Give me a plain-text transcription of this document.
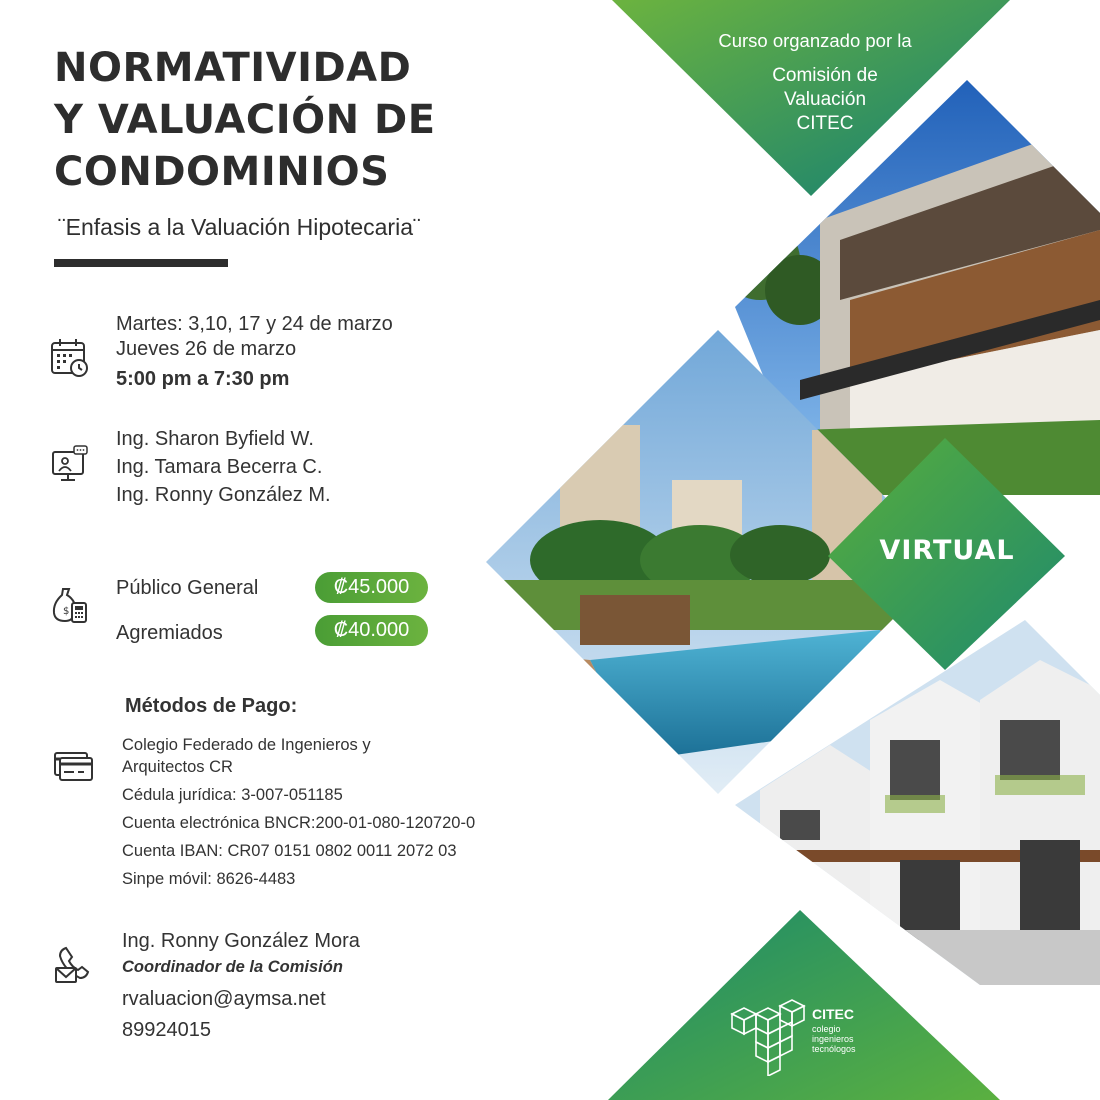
NORMATIVIDAD
Y VALUACIÓN DE
CONDOMINIOS
¨Enfasis a la Valuación Hipotecaria¨
Martes: 3,10, 17 y 24 de marzo
Jueves 26 de marzo
5:00 pm a 7:30 pm
Ing. Sharon Byfield W.
Ing. Tamara Becerra C.
Ing. Ronny González M.
$
Público General	₡45.000
Agremiados	₡40.000
Métodos de Pago:
Colegio Federado de Ingenieros y
Arquitectos CR
Cédula jurídica: 3-007-051185
Cuenta electrónica BNCR:200-01-080-120720-0
Cuenta IBAN: CR07 0151 0802 0011 2072 03
Sinpe móvil: 8626-4483
Ing. Ronny González Mora
Coordinador de la Comisión
rvaluacion@aymsa.net
89924015
Curso organzado por la
Comisión de
Valuación
CITEC
VIRTUAL
CITEC
colegio
ingenieros
tecnólogos
